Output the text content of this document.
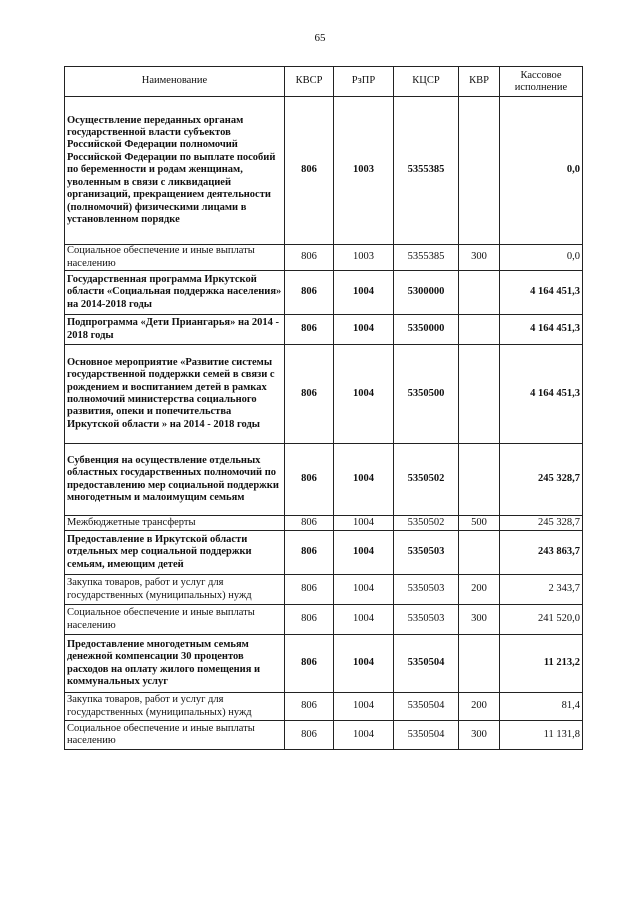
65
Наименование	КВСР	РзПР	КЦСР	КВР	Кассовое исполнение
Осуществление переданных органам государственной власти субъектов Российской Федерации полномочий Российской Федерации по выплате пособий по беременности и родам женщинам, уволенным в связи с ликвидацией организаций, прекращением деятельности (полномочий) физическими лицами в установленном порядке	806	1003	5355385		0,0
Социальное обеспечение и иные выплаты населению	806	1003	5355385	300	0,0
Государственная программа Иркутской области «Социальная поддержка населения» на 2014-2018 годы	806	1004	5300000		4 164 451,3
Подпрограмма «Дети Приангарья» на 2014 - 2018 годы	806	1004	5350000		4 164 451,3
Основное мероприятие «Развитие системы государственной поддержки семей в связи с рождением и воспитанием детей в рамках полномочий министерства социального развития, опеки и попечительства Иркутской области » на 2014 - 2018 годы	806	1004	5350500		4 164 451,3
Субвенция на осуществление отдельных областных государственных полномочий по предоставлению мер социальной поддержки многодетным и малоимущим семьям	806	1004	5350502		245 328,7
Межбюджетные трансферты	806	1004	5350502	500	245 328,7
Предоставление в Иркутской области отдельных мер социальной поддержки семьям, имеющим детей	806	1004	5350503		243 863,7
Закупка товаров, работ и услуг для государственных (муниципальных) нужд	806	1004	5350503	200	2 343,7
Социальное обеспечение и иные выплаты населению	806	1004	5350503	300	241 520,0
Предоставление многодетным семьям денежной компенсации 30 процентов расходов на оплату жилого помещения и коммунальных услуг	806	1004	5350504		11 213,2
Закупка товаров, работ и услуг для государственных (муниципальных) нужд	806	1004	5350504	200	81,4
Социальное обеспечение и иные выплаты населению	806	1004	5350504	300	11 131,8
